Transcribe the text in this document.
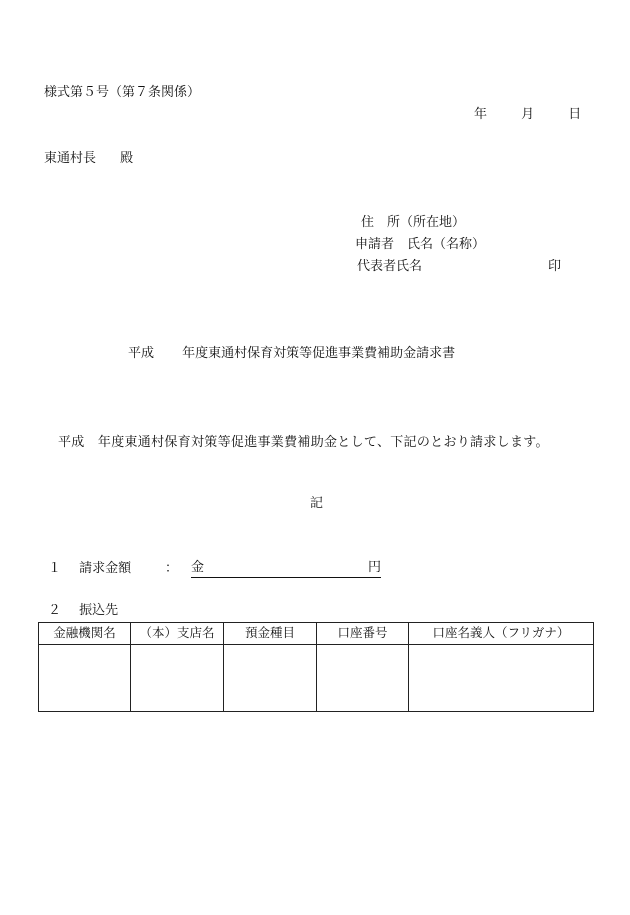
様式第５号（第７条関係）
年 月 日
東通村長 殿
住　所（所在地）
申請者　氏名（名称）
代表者氏名	印
平成 年度東通村保育対策等促進事業費補助金請求書
平成　年度東通村保育対策等促進事業費補助金として、下記のとおり請求します。
記
１ 請求金額	： 金	円
２ 振込先
金融機関名	（本）支店名	預金種目	口座番号	口座名義人（フリガナ）
